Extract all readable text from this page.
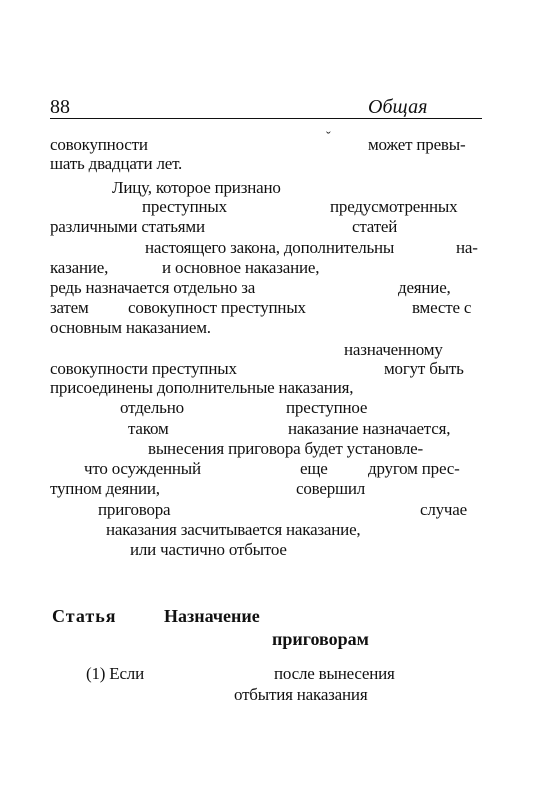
88	Общая
ˇ
совокупности	может превы-
шать двадцати лет.
Лицу, которое признано
преступных	предусмотренных
различными статьями	статей
настоящего закона, дополнительны	на-
казание,	и основное наказание,
редь назначается отдельно за	деяние,
затем совокупност преступных	вместе с
основным наказанием.
назначенному
совокупности преступных	могут быть
присоединены дополнительные наказания,
отдельно	преступное
таком	наказание назначается,
вынесения приговора будет установле-
что осужденный	еще другом прес-
тупном деянии,	совершил
приговора	случае
наказания засчитывается наказание,
или частично отбытое
Статья	Назначение
приговорам
(1) Если	после вынесения
отбытия наказания
